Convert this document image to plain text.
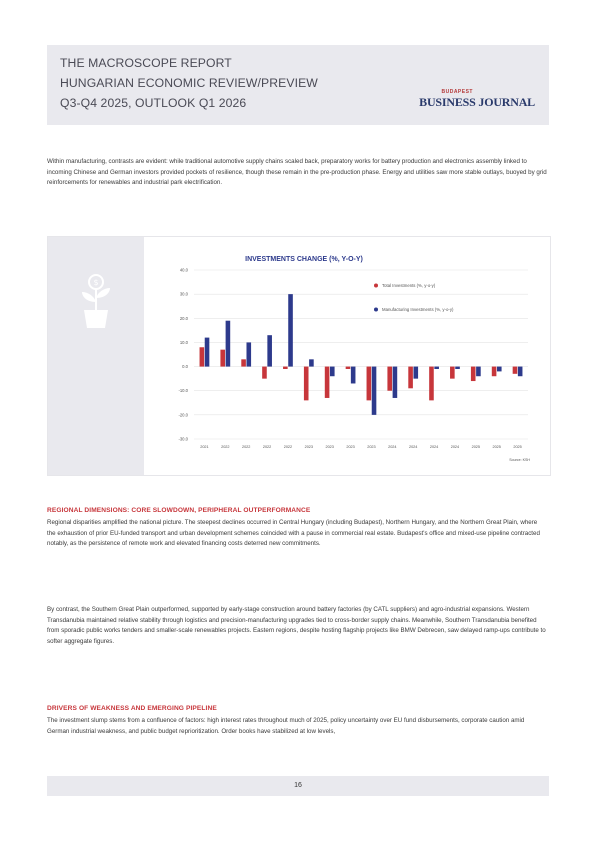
THE MACROSCOPE REPORT
HUNGARIAN ECONOMIC REVIEW/PREVIEW
Q3-Q4 2025, OUTLOOK Q1 2026
BUDAPEST
BUSINESS JOURNAL

Within manufacturing, contrasts are evident: while traditional automotive supply chains scaled back, preparatory works for battery production and electronics assembly linked to incoming Chinese and German investors provided pockets of resilience, though these remain in the pre-production phase. Energy and utilities saw more stable outlays, buoyed by grid reinforcements for renewables and industrial park electrification.

$
INVESTMENTS CHANGE (%, Y-O-Y)
40.0
30.0
20.0
10.0
0.0
-10.0
-20.0
-30.0
2021	2022	2022	2022	2022	2023	2023	2023	2023	2024	2024	2024	2024	2025	2025	2025
Total Investments (%, y-o-y)
Manufacturing Investments (%, y-o-y)
Source: KSH
REGIONAL DIMENSIONS: CORE SLOWDOWN, PERIPHERAL OUTPERFORMANCE

Regional disparities amplified the national picture. The steepest declines occurred in Central Hungary (including Budapest), Northern Hungary, and the Northern Great Plain, where the exhaustion of prior EU-funded transport and urban development schemes coincided with a pause in commercial real estate. Budapest's office and mixed-use pipeline contracted notably, as the persistence of remote work and elevated financing costs deterred new commitments.

By contrast, the Southern Great Plain outperformed, supported by early-stage construction around battery factories (by CATL suppliers) and agro-industrial expansions. Western Transdanubia maintained relative stability through logistics and precision-manufacturing upgrades tied to cross-border supply chains. Meanwhile, Southern Transdanubia benefited from sporadic public works tenders and smaller-scale renewables projects. Eastern regions, despite hosting flagship projects like BMW Debrecen, saw delayed ramp-ups contribute to softer aggregate figures.

DRIVERS OF WEAKNESS AND EMERGING PIPELINE

The investment slump stems from a confluence of factors: high interest rates throughout much of 2025, policy uncertainty over EU fund disbursements, corporate caution amid German industrial weakness, and public budget reprioritization. Order books have stabilized at low levels,

16
